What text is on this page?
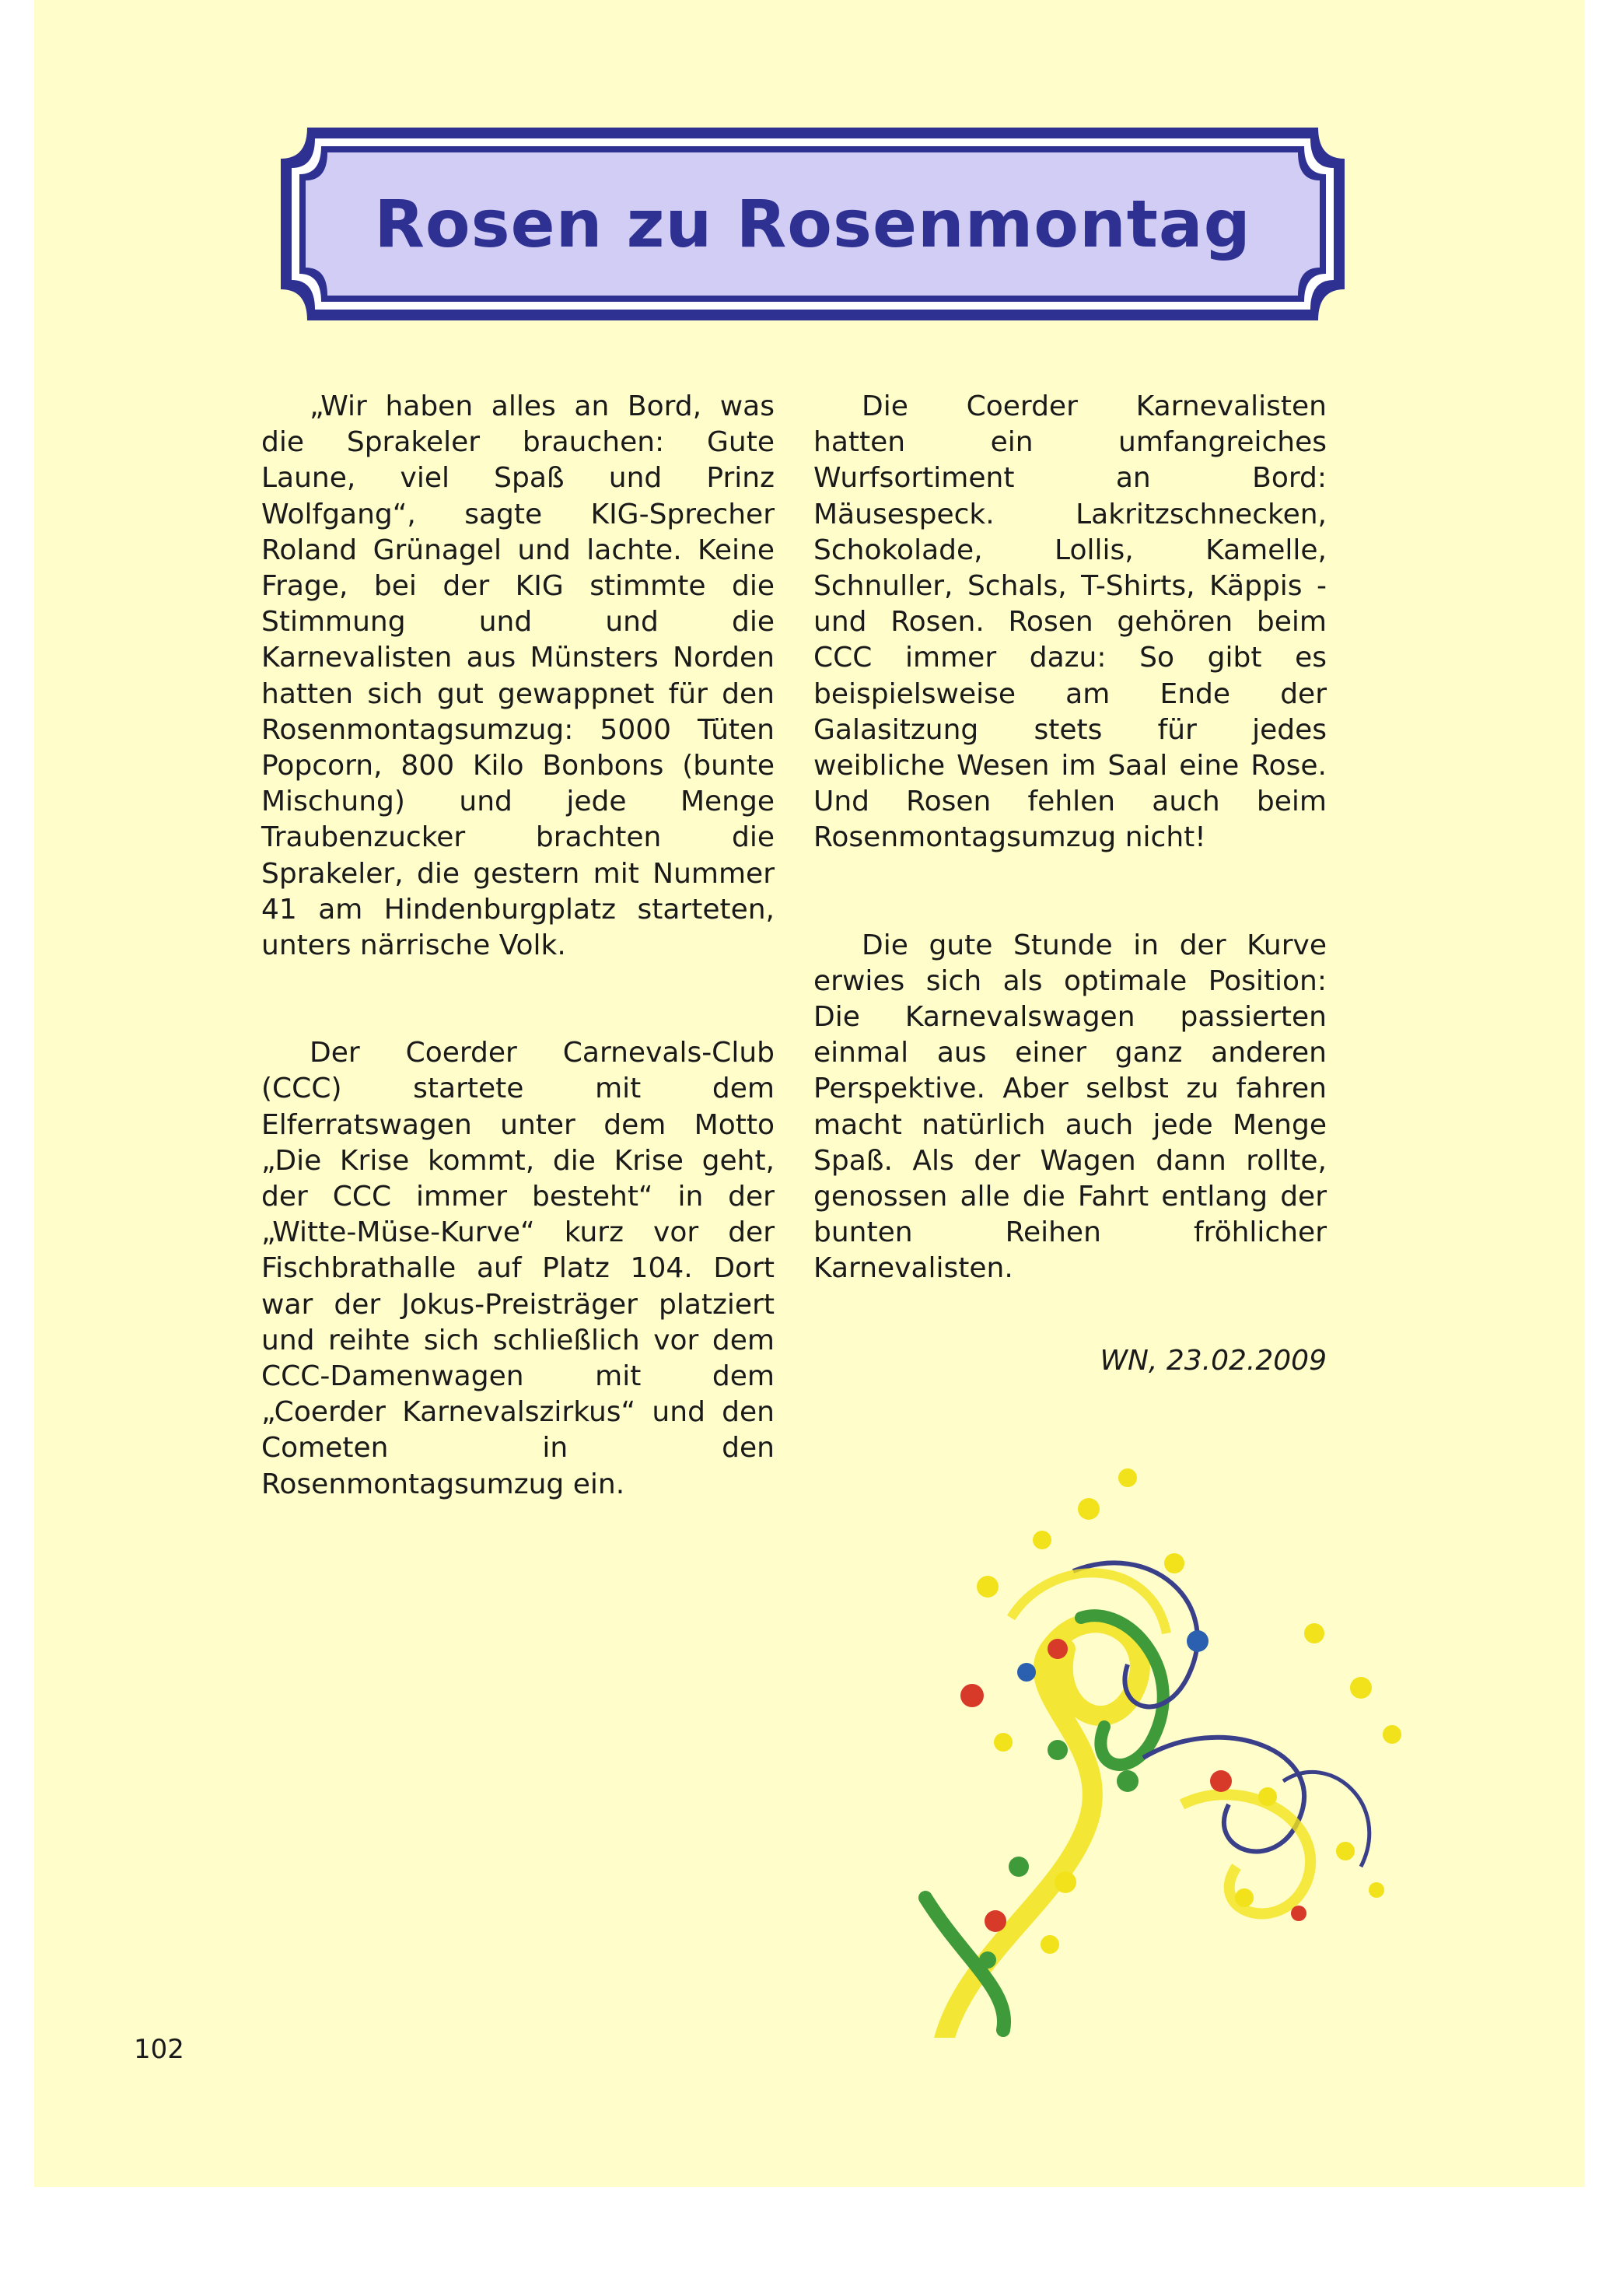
Rosen zu Rosenmontag

„Wir haben alles an Bord, was die Sprakeler brauchen: Gute Laune, viel Spaß und Prinz Wolfgang“, sagte KIG-Sprecher Roland Grünagel und lachte. Keine Frage, bei der KIG stimmte die Stimmung und und die Karnevalisten aus Münsters Norden hatten sich gut gewappnet für den Rosenmontagsumzug: 5000 Tüten Popcorn, 800 Kilo Bonbons (bunte Mischung) und jede Menge Traubenzucker brachten die Sprakeler, die gestern mit Nummer 41 am Hindenburgplatz starteten, unters närrische Volk.

Der Coerder Carnevals-Club (CCC) startete mit dem Elferratswagen unter dem Motto „Die Krise kommt, die Krise geht, der CCC immer besteht“ in der „Witte-Müse-Kurve“ kurz vor der Fischbrathalle auf Platz 104. Dort war der Jokus-Preisträger platziert und reihte sich schließlich vor dem CCC-Damenwagen mit dem „Coerder Karnevalszirkus“ und den Cometen in den Rosenmontagsumzug ein.

Die Coerder Karnevalisten hatten ein umfangreiches Wurfsortiment an Bord: Mäusespeck. Lakritzschnecken, Schokolade, Lollis, Kamelle, Schnuller, Schals, T-Shirts, Käppis - und Rosen. Rosen gehören beim CCC immer dazu: So gibt es beispielsweise am Ende der Galasitzung stets für jedes weibliche Wesen im Saal eine Rose. Und Rosen fehlen auch beim Rosenmontagsumzug nicht!

Die gute Stunde in der Kurve erwies sich als optimale Position: Die Karnevalswagen passierten einmal aus einer ganz anderen Perspektive. Aber selbst zu fahren macht natürlich auch jede Menge Spaß. Als der Wagen dann rollte, genossen alle die Fahrt entlang der bunten Reihen fröhlicher Karnevalisten.

WN, 23.02.2009
102
